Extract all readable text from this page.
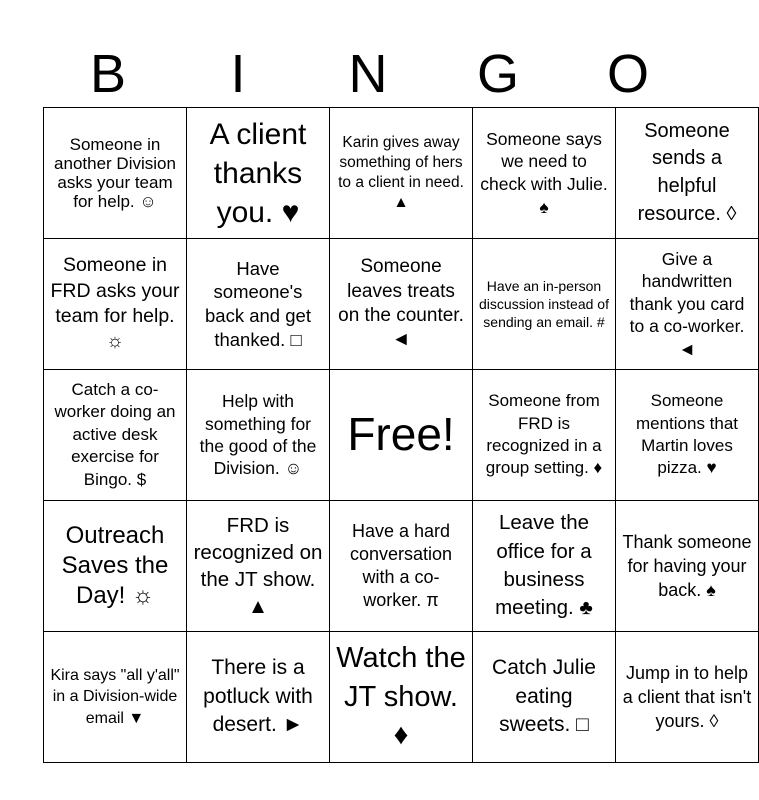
B	I	N	G	O
Someone in another Division asks your team for help. ☺	A client thanks you. ♥	Karin gives away something of hers to a client in need. ▲	Someone says we need to check with Julie. ♠	Someone sends a helpful resource. ◊

Someone in FRD asks your team for help. ☼	Have someone's back and get thanked. □	Someone leaves treats on the counter. ◄	Have an in-person discussion instead of sending an email. #	Give a handwritten thank you card to a co-worker. ◄

Catch a co-worker doing an active desk exercise for Bingo. $	Help with something for the good of the Division. ☺	Free!	Someone from FRD is recognized in a group setting. ♦	Someone mentions that Martin loves pizza. ♥

Outreach Saves the Day! ☼	FRD is recognized on the JT show. ▲	Have a hard conversation with a co-worker. π	Leave the office for a business meeting. ♣	Thank someone for having your back. ♠

Kira says "all y'all" in a Division-wide email ▼	There is a potluck with desert. ►	Watch the JT show. ♦	Catch Julie eating sweets. □	Jump in to help a client that isn't yours. ◊
